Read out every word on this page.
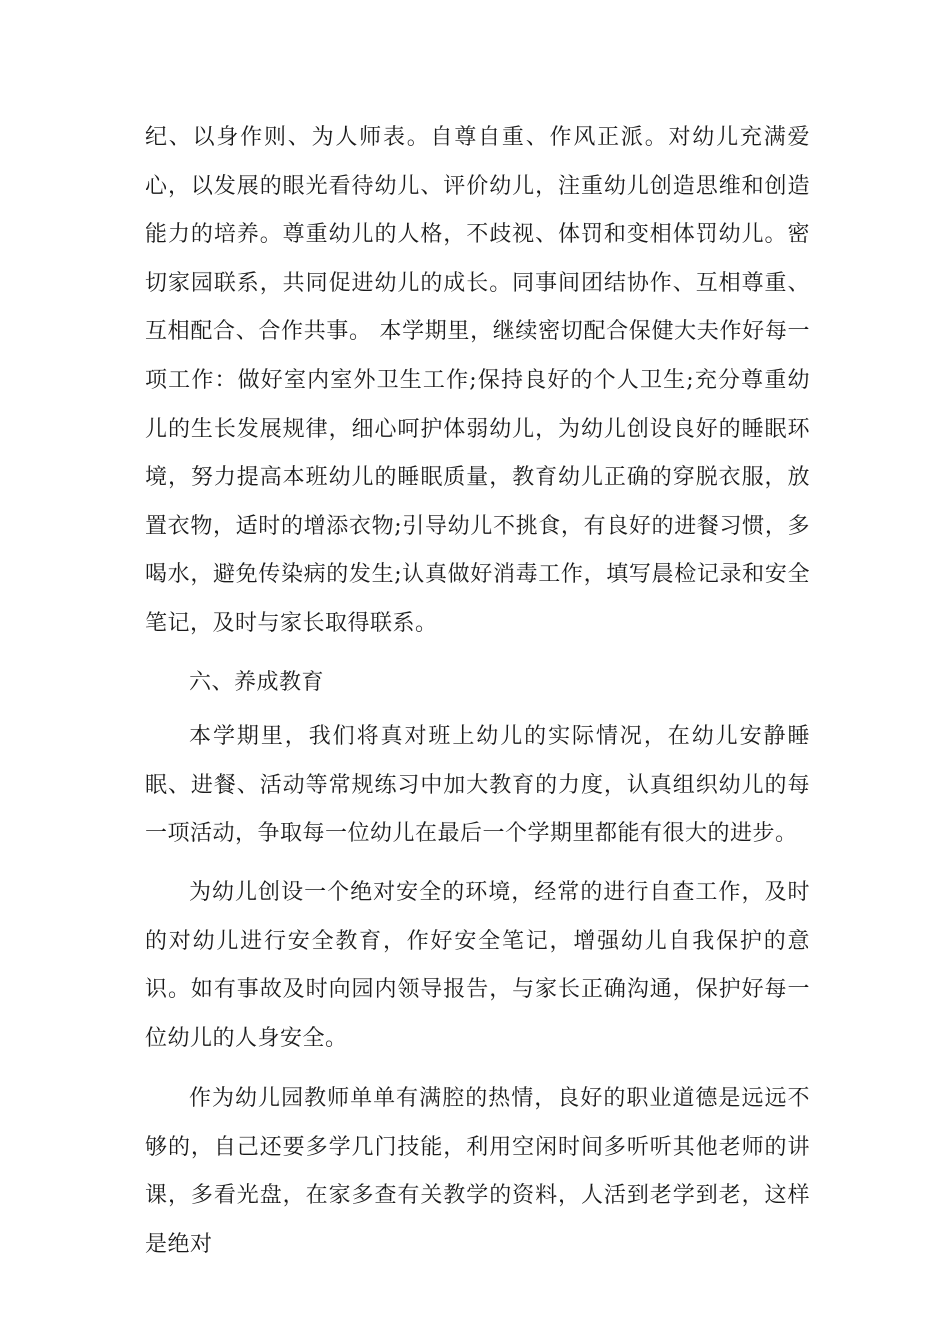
纪、以身作则、为人师表。自尊自重、作风正派。对幼儿充满爱心，以发展的眼光看待幼儿、评价幼儿，注重幼儿创造思维和创造能力的培养。尊重幼儿的人格，不歧视、体罚和变相体罚幼儿。密切家园联系，共同促进幼儿的成长。同事间团结协作、互相尊重、互相配合、合作共事。 本学期里，继续密切配合保健大夫作好每一项工作：做好室内室外卫生工作;保持良好的个人卫生;充分尊重幼儿的生长发展规律，细心呵护体弱幼儿，为幼儿创设良好的睡眠环境，努力提高本班幼儿的睡眠质量，教育幼儿正确的穿脱衣服，放置衣物，适时的增添衣物;引导幼儿不挑食，有良好的进餐习惯，多喝水，避免传染病的发生;认真做好消毒工作，填写晨检记录和安全笔记，及时与家长取得联系。

六、养成教育

本学期里，我们将真对班上幼儿的实际情况，在幼儿安静睡眠、进餐、活动等常规练习中加大教育的力度，认真组织幼儿的每一项活动，争取每一位幼儿在最后一个学期里都能有很大的进步。

为幼儿创设一个绝对安全的环境，经常的进行自查工作，及时的对幼儿进行安全教育，作好安全笔记，增强幼儿自我保护的意识。如有事故及时向园内领导报告，与家长正确沟通，保护好每一位幼儿的人身安全。

作为幼儿园教师单单有满腔的热情，良好的职业道德是远远不够的，自己还要多学几门技能，利用空闲时间多听听其他老师的讲课，多看光盘，在家多查有关教学的资料，人活到老学到老，这样是绝对
